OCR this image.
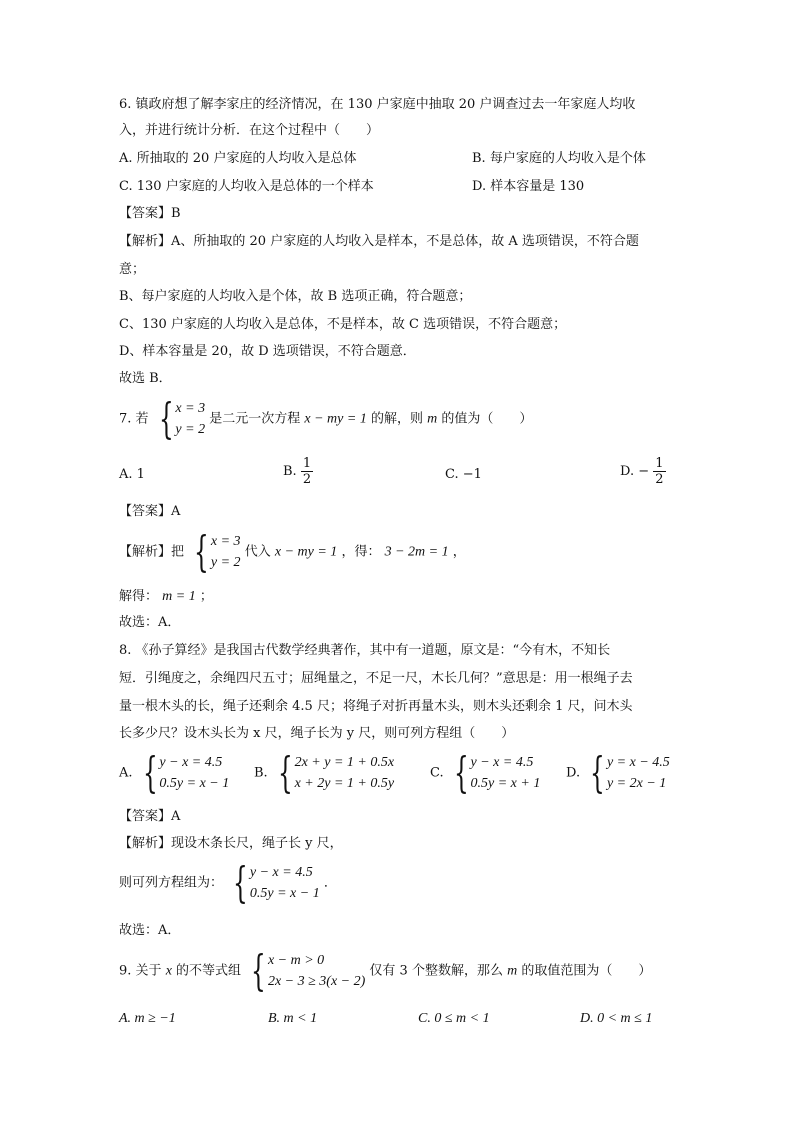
6. 镇政府想了解李家庄的经济情况，在 130 户家庭中抽取 20 户调查过去一年家庭人均收
入，并进行统计分析．在这个过程中（　　）
A. 所抽取的 20 户家庭的人均收入是总体	B. 每户家庭的人均收入是个体
C. 130 户家庭的人均收入是总体的一个样本	D. 样本容量是 130
【答案】B
【解析】A、所抽取的 20 户家庭的人均收入是样本，不是总体，故 A 选项错误，不符合题
意；
B、每户家庭的人均收入是个体，故 B 选项正确，符合题意；
C、130 户家庭的人均收入是总体，不是样本，故 C 选项错误，不符合题意；
D、样本容量是 20，故 D 选项错误，不符合题意．
故选 B．
7. 若 { x = 3
y = 2
是二元一次方程 x − my = 1 的解，则 m 的值为（　　）
A. 1	B. $\frac{1}{2}$	C. −1	D. − $\frac{1}{2}$
【答案】A
【解析】把 { x = 3
y = 2
代入 x − my = 1 ，得： 3 − 2m = 1 ，
解得： m = 1 ；
故选：A．
8. 《孙子算经》是我国古代数学经典著作，其中有一道题，原文是：“今有木，不知长
短．引绳度之，余绳四尺五寸；屈绳量之，不足一尺，木长几何？”意思是：用一根绳子去
量一根木头的长，绳子还剩余 4.5 尺；将绳子对折再量木头，则木头还剩余 1 尺，问木头
长多少尺？设木头长为 x 尺，绳子长为 y 尺，则可列方程组（　　）
A. { y − x = 4.5
0.5y = x − 1
B. { 2x + y = 1 + 0.5x
x + 2y = 1 + 0.5y
C. { y − x = 4.5
0.5y = x + 1
D. { y = x − 4.5
y = 2x − 1
【答案】A
【解析】现设木条长尺，绳子长 y 尺，
则可列方程组为： { y − x = 4.5
0.5y = x − 1
．
故选：A．
9. 关于 x 的不等式组 { x − m > 0
2x − 3 ≥ 3(x − 2)
仅有 3 个整数解，那么 m 的取值范围为（　　）
A. m ≥ −1	B. m < 1	C. 0 ≤ m < 1	D. 0 < m ≤ 1
